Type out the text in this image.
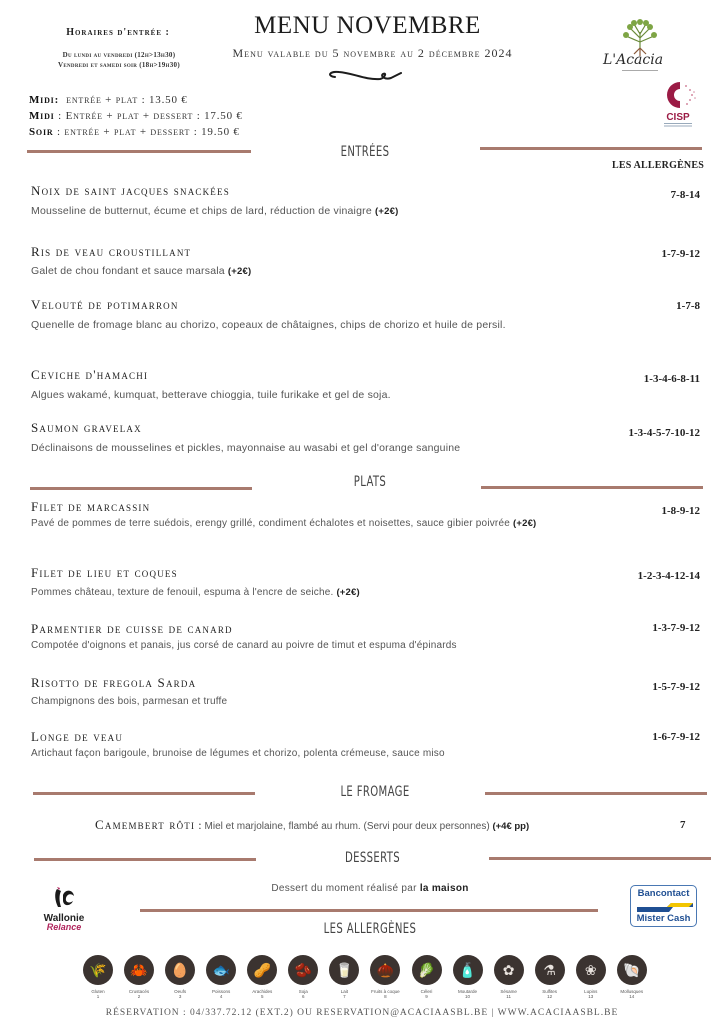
Horaires d'entrée :
Du lundi au vendredi (12h>13h30)
Vendredi et samedi soir (18h>19h30)
MENU NOVEMBRE
Menu valable du 5 novembre au 2 décembre 2024
Midi: entrée + plat : 13.50 €
Midi : Entrée + plat + dessert : 17.50 €
Soir : entrée + plat + dessert : 19.50 €
L'Acacia
CISP
ENTRÉES
LES ALLERGÈNES
Noix de saint jacques snackées
Mousseline de butternut, écume et chips de lard, réduction de vinaigre (+2€)
7-8-14
Ris de veau croustillant
Galet de chou fondant et sauce marsala (+2€)
1-7-9-12
Velouté de potimarron
Quenelle de fromage blanc au chorizo, copeaux de châtaignes, chips de chorizo et huile de persil.
1-7-8
Ceviche d'hamachi
Algues wakamé, kumquat, betterave chioggia, tuile furikake et gel de soja.
1-3-4-6-8-11
Saumon gravelax
Déclinaisons de mousselines et pickles, mayonnaise au wasabi et gel d'orange sanguine
1-3-4-5-7-10-12
PLATS
Filet de marcassin
Pavé de pommes de terre suédois, erengy grillé, condiment échalotes et noisettes, sauce gibier poivrée (+2€)
1-8-9-12
Filet de lieu et coques
Pommes château, texture de fenouil, espuma à l'encre de seiche. (+2€)
1-2-3-4-12-14
Parmentier de cuisse de canard
Compotée d'oignons et panais, jus corsé de canard au poivre de timut et espuma d'épinards
1-3-7-9-12
Risotto de fregola Sarda
Champignons des bois, parmesan et truffe
1-5-7-9-12
Longe de veau
Artichaut façon barigoule, brunoise de légumes et chorizo, polenta crémeuse, sauce miso
1-6-7-9-12
LE FROMAGE
Camembert rôti : Miel et marjolaine, flambé au rhum. (Servi pour deux personnes) (+4€ pp)	7
DESSERTS
Dessert du moment réalisé par la maison
Wallonie
Relance
Bancontact
Mister Cash
LES ALLERGÈNES
🌾
Gluten
1
🦀
Crustacés
2
🥚
Oeufs
3
🐟
Poissons
4
🥜
Arachides
5
🫘
Soja
6
🥛
Lait
7
🌰
Fruits à coque
8
🥬
Céleri
9
🧴
Moutarde
10
✿
Sésame
11
⚗
Sulfites
12
❀
Lupins
13
🐚
Mollusques
14
RÉSERVATION : 04/337.72.12 (EXT.2) OU RESERVATION@ACACIAASBL.BE | WWW.ACACIAASBL.BE
